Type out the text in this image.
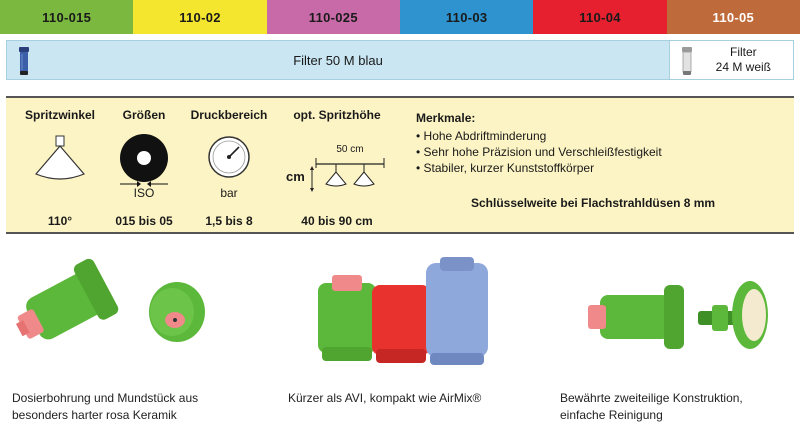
110-015	110-02	110-025	110-03	110-04	110-05
Filter 50 M blau
Filter
24 M weiß
Spritzwinkel
110°
Größen
ISO
015 bis 05
Druckbereich
bar
1,5 bis 8
opt. Spritzhöhe
50 cm
cm
40 bis 90 cm
Merkmale:
• Hohe Abdriftminderung
• Sehr hohe Präzision und Verschleißfestigkeit
• Stabiler, kurzer Kunststoffkörper
Schlüsselweite bei Flachstrahldüsen 8 mm
Dosierbohrung und Mundstück aus
besonders harter rosa Keramik
Kürzer als AVI, kompakt wie AirMix®	Bewährte zweiteilige Konstruktion,
einfache Reinigung
